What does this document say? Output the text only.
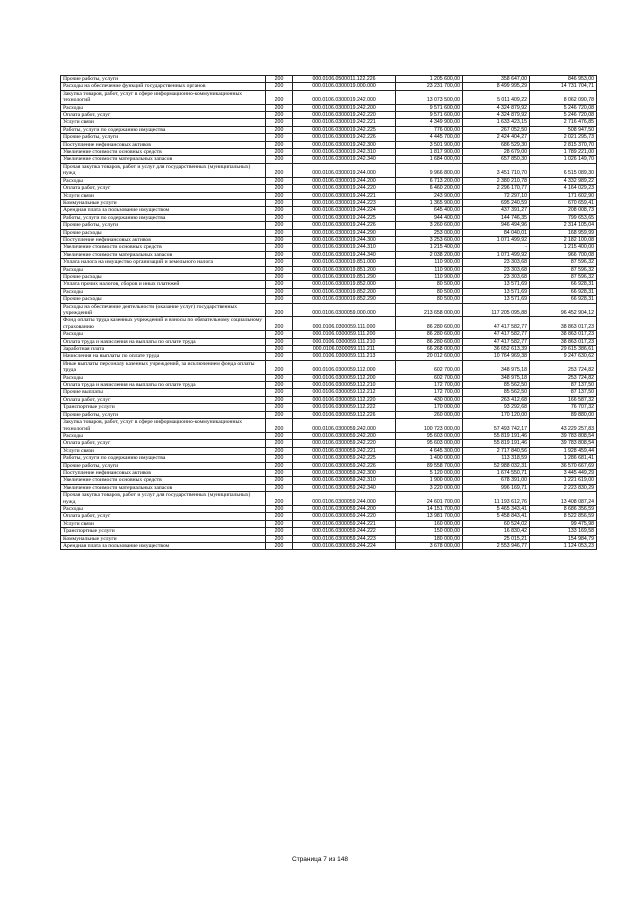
Прочие работы, услуги	200	000.0106.0500011.122.226	1 205 600,00	358 647,00	846 953,00
Расходы на обеспечение функций государственных органов	200	000.0106.0300019.000.000	23 231 700,00	8 499 995,29	14 731 704,71
Закупка товаров, работ, услуг в сфере информационно-коммуникационных технологий	200	000.0106.0300019.242.000	13 073 500,00	5 011 409,22	8 062 090,78
Расходы	200	000.0106.0300019.242.200	9 571 600,00	4 324 879,92	5 246 720,08
Оплата работ, услуг	200	000.0106.0300019.242.220	9 571 600,00	4 324 879,92	5 246 720,08
Услуги связи	200	000.0106.0300019.242.221	4 349 900,00	1 633 423,15	2 716 476,85
Работы, услуги по содержанию имущества	200	000.0106.0300019.242.225	776 000,00	267 052,50	508 947,50
Прочие работы, услуги	200	000.0106.0300019.242.226	4 445 700,00	2 424 404,27	2 021 295,73
Поступление нефинансовых активов	200	000.0106.0300019.242.300	3 501 900,00	686 529,30	2 815 370,70
Увеличение стоимости основных средств	200	000.0106.0300019.242.310	1 817 900,00	28 679,00	1 789 221,00
Увеличение стоимости материальных запасов	200	000.0106.0300019.242.340	1 684 000,00	657 850,30	1 026 149,70
Прочая закупка товаров, работ и услуг для государственных (муниципальных) нужд	200	000.0106.0300019.244.000	9 966 800,00	3 451 710,70	6 515 089,30
Расходы	200	000.0106.0300019.244.200	6 713 200,00	2 380 210,78	4 332 989,22
Оплата работ, услуг	200	000.0106.0300019.244.220	6 460 200,00	2 296 170,77	4 164 029,23
Услуги связи	200	000.0106.0300019.244.221	243 900,00	72 297,10	171 602,90
Коммунальные услуги	200	000.0106.0300019.244.223	1 365 900,00	695 240,59	670 659,41
Арендная плата за пользование имуществом	200	000.0106.0300019.244.224	645 400,00	437 391,27	208 008,73
Работы, услуги по содержанию имущества	200	000.0106.0300019.244.225	944 400,00	144 746,35	799 653,65
Прочие работы, услуги	200	000.0106.0300019.244.226	3 260 600,00	946 494,96	2 314 105,04
Прочие расходы	200	000.0106.0300019.244.290	253 000,00	84 040,01	168 959,99
Поступление нефинансовых активов	200	000.0106.0300019.244.300	3 253 600,00	1 071 499,92	2 182 100,08
Увеличение стоимости основных средств	200	000.0106.0300019.244.310	1 215 400,00	-	1 215 400,00
Увеличение стоимости материальных запасов	200	000.0106.0300019.244.340	2 038 200,00	1 071 499,92	966 700,08
Уплата налога на имущество организаций и земельного налога	200	000.0106.0300019.851.000	110 900,00	23 303,68	87 596,32
Расходы	200	000.0106.0300019.851.200	110 900,00	23 303,68	87 596,32
Прочие расходы	200	000.0106.0300019.851.290	110 900,00	23 303,68	87 596,32
Уплата прочих налогов, сборов и иных платежей	200	000.0106.0300019.852.000	80 500,00	13 571,69	66 928,31
Расходы	200	000.0106.0300019.852.200	80 500,00	13 571,69	66 928,31
Прочие расходы	200	000.0106.0300019.852.290	80 500,00	13 571,69	66 928,31
Расходы на обеспечение деятельности (оказание услуг) государственных учреждений	200	000.0106.0300059.000.000	213 658 000,00	117 205 095,88	96 452 904,12
Фонд оплаты труда казенных учреждений и взносы по обязательному социальному страхованию	200	000.0106.0300059.111.000	86 280 600,00	47 417 582,77	38 863 017,23
Расходы	200	000.0106.0300059.111.200	86 280 600,00	47 417 582,77	38 863 017,23
Оплата труда и начисления на выплаты по оплате труда	200	000.0106.0300059.111.210	86 280 600,00	47 417 582,77	38 863 017,23
Заработная плата	200	000.0106.0300059.111.211	66 268 000,00	36 652 613,39	29 615 386,61
Начисления на выплаты по оплате труда	200	000.0106.0300059.111.213	20 012 600,00	10 764 969,38	9 247 630,62
Иные выплаты персоналу казенных учреждений, за исключением фонда оплаты труда	200	000.0106.0300059.112.000	602 700,00	348 975,18	253 724,82
Расходы	200	000.0106.0300059.112.200	602 700,00	348 975,18	253 724,82
Оплата труда и начисления на выплаты по оплате труда	200	000.0106.0300059.112.210	172 700,00	85 562,50	87 137,50
Прочие выплаты	200	000.0106.0300059.112.212	172 700,00	85 562,50	87 137,50
Оплата работ, услуг	200	000.0106.0300059.112.220	430 000,00	263 412,68	166 587,32
Транспортные услуги	200	000.0106.0300059.112.222	170 000,00	93 292,68	76 707,32
Прочие работы, услуги	200	000.0106.0300059.112.226	260 000,00	170 120,00	89 880,00
Закупка товаров, работ, услуг в сфере информационно-коммуникационных технологий	200	000.0106.0300059.242.000	100 723 000,00	57 493 742,17	43 229 257,83
Расходы	200	000.0106.0300059.242.200	95 603 000,00	55 819 191,46	39 783 808,54
Оплата работ, услуг	200	000.0106.0300059.242.220	95 603 000,00	55 819 191,46	39 783 808,54
Услуги связи	200	000.0106.0300059.242.221	4 645 300,00	2 717 840,56	1 928 459,44
Работы, услуги по содержанию имущества	200	000.0106.0300059.242.225	1 400 000,00	113 318,59	1 286 681,41
Прочие работы, услуги	200	000.0106.0300059.242.226	89 558 700,00	52 988 032,31	36 570 667,69
Поступление нефинансовых активов	200	000.0106.0300059.242.300	5 120 000,00	1 674 550,71	3 445 449,29
Увеличение стоимости основных средств	200	000.0106.0300059.242.310	1 900 000,00	678 391,00	1 221 619,00
Увеличение стоимости материальных запасов	200	000.0106.0300059.242.340	3 220 000,00	996 169,71	2 223 830,29
Прочая закупка товаров, работ и услуг для государственных (муниципальных) нужд	200	000.0106.0300059.244.000	24 601 700,00	11 193 612,76	13 408 087,24
Расходы	200	000.0106.0300059.244.200	14 151 700,00	5 465 343,41	8 686 356,59
Оплата работ, услуг	200	000.0106.0300059.244.220	13 981 700,00	5 458 843,41	8 522 856,59
Услуги связи	200	000.0106.0300059.244.221	160 000,00	60 524,02	99 475,98
Транспортные услуги	200	000.0106.0300059.244.222	150 000,00	16 830,42	133 169,58
Коммунальные услуги	200	000.0106.0300059.244.223	180 000,00	25 015,21	154 984,79
Арендная плата за пользование имуществом	200	000.0106.0300059.244.224	3 678 000,00	2 553 946,77	1 124 053,23
Страница 7 из 148
